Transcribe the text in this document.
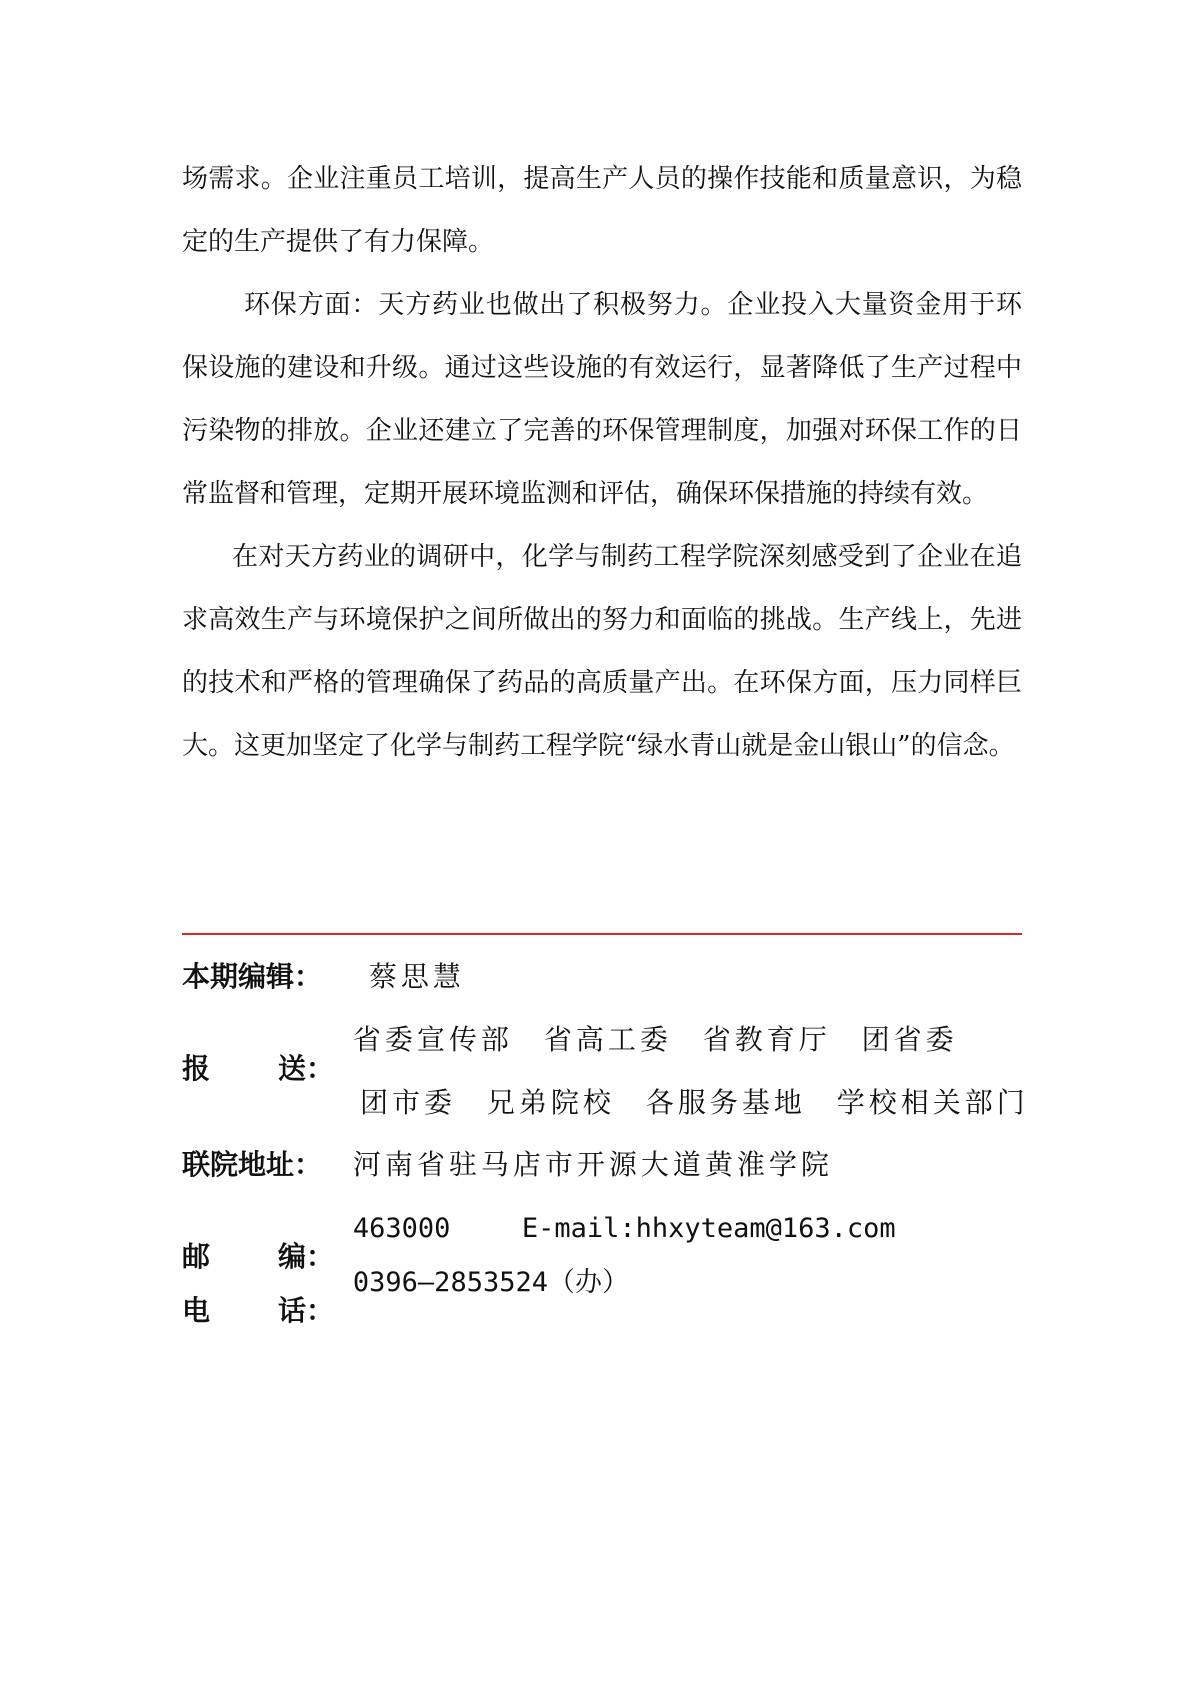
场需求。企业注重员工培训，提高生产人员的操作技能和质量意识，为稳定的生产提供了有力保障。

环保方面：天方药业也做出了积极努力。企业投入大量资金用于环保设施的建设和升级。通过这些设施的有效运行，显著降低了生产过程中污染物的排放。企业还建立了完善的环保管理制度，加强对环保工作的日常监督和管理，定期开展环境监测和评估，确保环保措施的持续有效。

在对天方药业的调研中，化学与制药工程学院深刻感受到了企业在追求高效生产与环境保护之间所做出的努力和面临的挑战。生产线上，先进的技术和严格的管理确保了药品的高质量产出。在环保方面，压力同样巨大。这更加坚定了化学与制药工程学院“绿水青山就是金山银山”的信念。

本期编辑： 蔡思慧
报 送：
省委宣传部 省高工委 省教育厅 团省委
团市委 兄弟院校 各服务基地 学校相关部门
联院地址： 河南省驻马店市开源大道黄淮学院
邮 编：
463000	E-mail:hhxyteam@163.com
电 话：
0396—2853524（办）
